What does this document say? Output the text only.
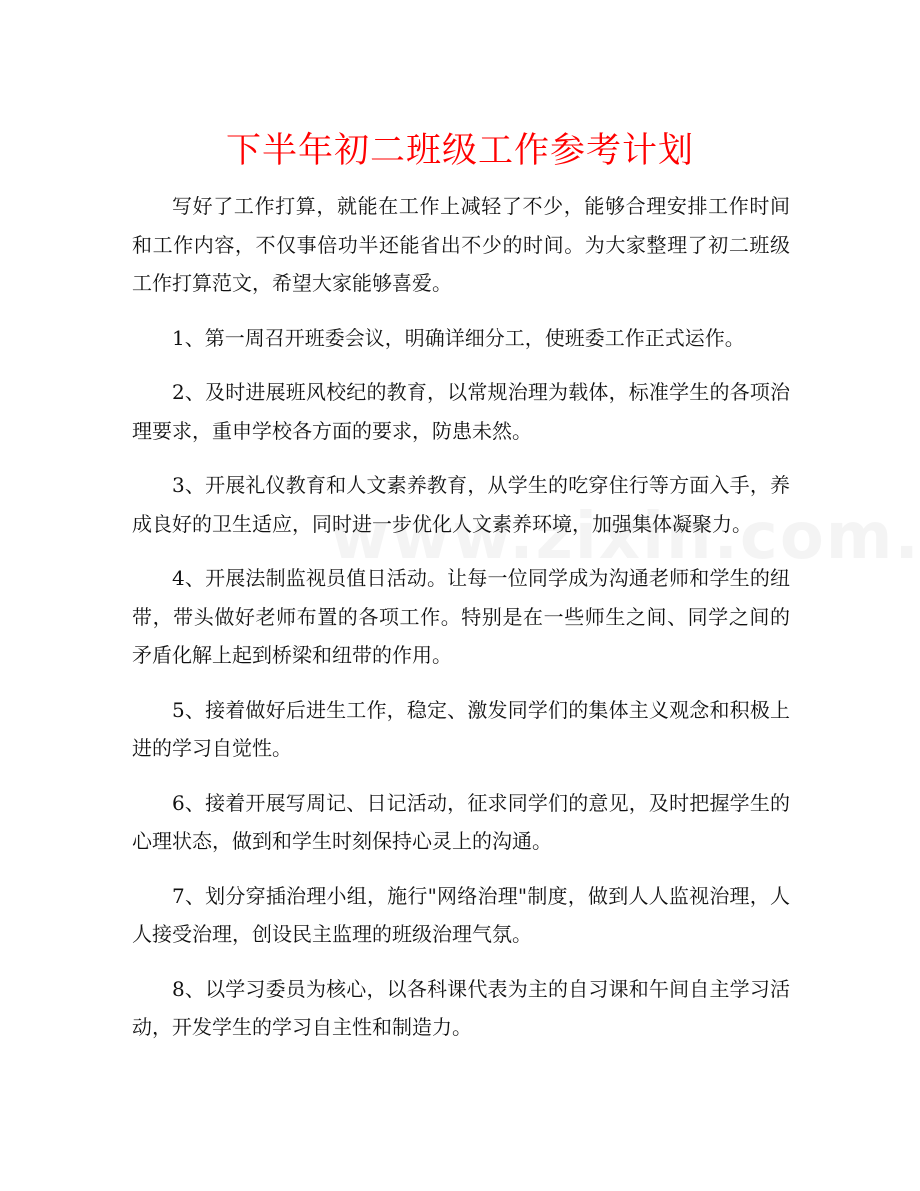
下半年初二班级工作参考计划

写好了工作打算，就能在工作上减轻了不少，能够合理安排工作时间和工作内容，不仅事倍功半还能省出不少的时间。为大家整理了初二班级工作打算范文，希望大家能够喜爱。

1、第一周召开班委会议，明确详细分工，使班委工作正式运作。

2、及时进展班风校纪的教育，以常规治理为载体，标准学生的各项治理要求，重申学校各方面的要求，防患未然。

3、开展礼仪教育和人文素养教育，从学生的吃穿住行等方面入手，养成良好的卫生适应，同时进一步优化人文素养环境，加强集体凝聚力。

4、开展法制监视员值日活动。让每一位同学成为沟通老师和学生的纽带，带头做好老师布置的各项工作。特别是在一些师生之间、同学之间的矛盾化解上起到桥梁和纽带的作用。

5、接着做好后进生工作，稳定、激发同学们的集体主义观念和积极上进的学习自觉性。

6、接着开展写周记、日记活动，征求同学们的意见，及时把握学生的心理状态，做到和学生时刻保持心灵上的沟通。

7、划分穿插治理小组，施行"网络治理"制度，做到人人监视治理，人人接受治理，创设民主监理的班级治理气氛。

8、以学习委员为核心，以各科课代表为主的自习课和午间自主学习活动，开发学生的学习自主性和制造力。
